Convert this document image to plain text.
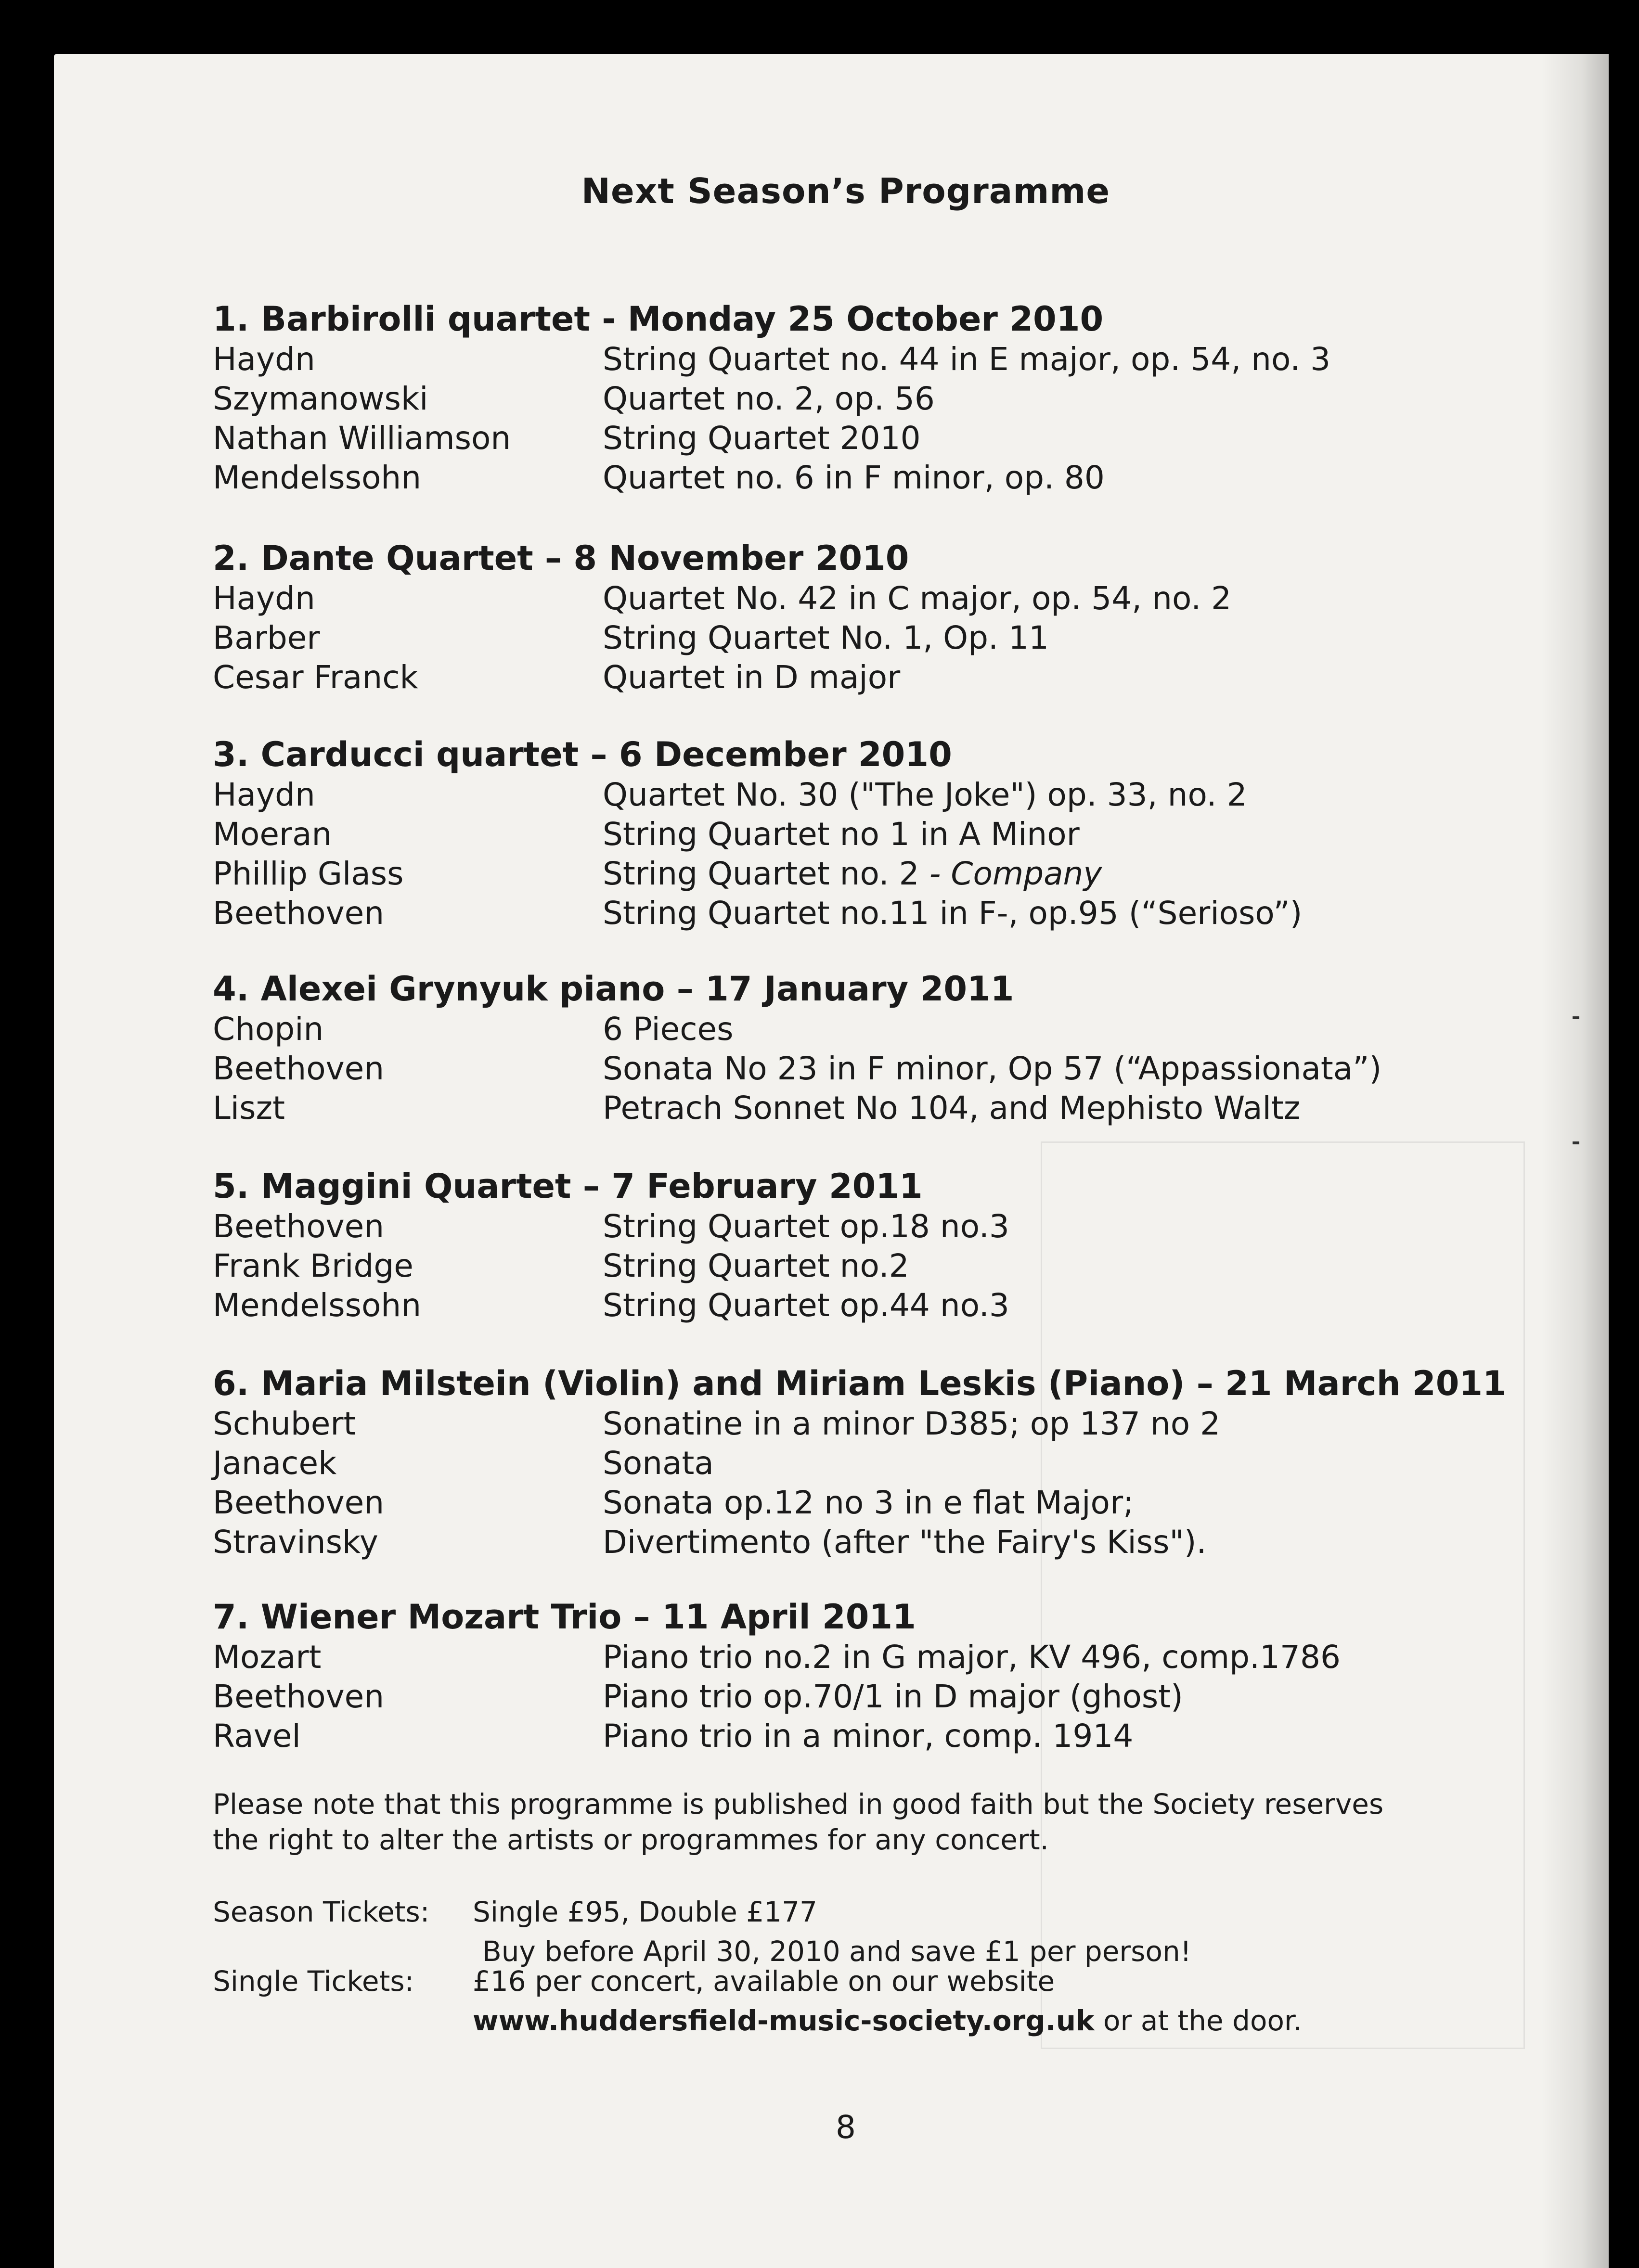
Next Season’s Programme
1. Barbirolli quartet - Monday 25 October 2010
Haydn	String Quartet no. 44 in E major, op. 54, no. 3
Szymanowski	Quartet no. 2, op. 56
Nathan Williamson	String Quartet 2010
Mendelssohn	Quartet no. 6 in F minor, op. 80
2. Dante Quartet – 8 November 2010
Haydn	Quartet No. 42 in C major, op. 54, no. 2
Barber	String Quartet No. 1, Op. 11
Cesar Franck	Quartet in D major
3. Carducci quartet – 6 December 2010
Haydn	Quartet No. 30 ("The Joke") op. 33, no. 2
Moeran	String Quartet no 1 in A Minor
Phillip Glass	String Quartet no. 2 - Company
Beethoven	String Quartet no.11 in F-, op.95 (“Serioso”)
4. Alexei Grynyuk piano – 17 January 2011
Chopin	6 Pieces
Beethoven	Sonata No 23 in F minor, Op 57 (“Appassionata”)
Liszt	Petrach Sonnet No 104, and Mephisto Waltz
5. Maggini Quartet – 7 February 2011
Beethoven	String Quartet op.18 no.3
Frank Bridge	String Quartet no.2
Mendelssohn	String Quartet op.44 no.3
6. Maria Milstein (Violin) and Miriam Leskis (Piano) – 21 March 2011
Schubert	Sonatine in a minor D385; op 137 no 2
Janacek	Sonata
Beethoven	Sonata op.12 no 3 in e flat Major;
Stravinsky	Divertimento (after "the Fairy's Kiss").
7. Wiener Mozart Trio – 11 April 2011
Mozart	Piano trio no.2 in G major, KV 496, comp.1786
Beethoven	Piano trio op.70/1 in D major (ghost)
Ravel	Piano trio in a minor, comp. 1914
Please note that this programme is published in good faith but the Society reserves
the right to alter the artists or programmes for any concert.
Season Tickets: Single £95, Double £177
Buy before April 30, 2010 and save £1 per person!
Single Tickets: £16 per concert, available on our website
www.huddersfield-music-society.org.uk or at the door.
8
